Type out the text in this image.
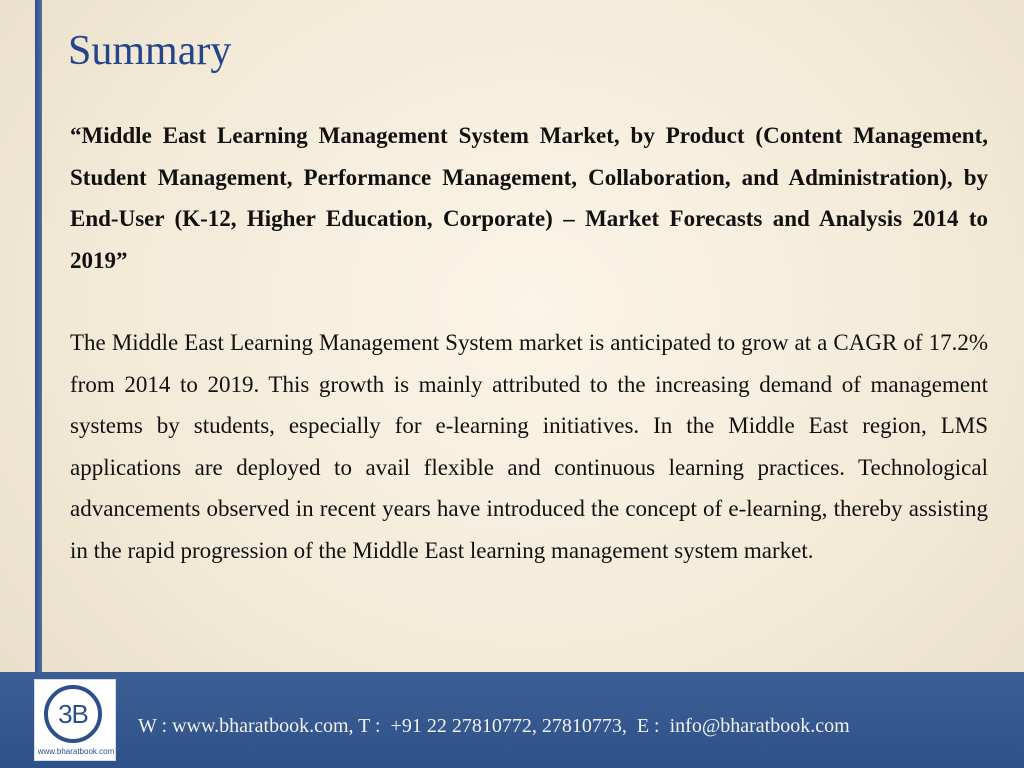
Summary

“Middle East Learning Management System Market, by Product (Content Management, Student Management, Performance Management, Collaboration, and Administration), by End-User (K-12, Higher Education, Corporate) – Market Forecasts and Analysis 2014 to 2019”

The Middle East Learning Management System market is anticipated to grow at a CAGR of 17.2% from 2014 to 2019. This growth is mainly attributed to the increasing demand of management systems by students, especially for e-learning initiatives. In the Middle East region, LMS applications are deployed to avail flexible and continuous learning practices. Technological advancements observed in recent years have introduced the concept of e-learning, thereby assisting in the rapid progression of the Middle East learning management system market.

3B
www.bharatbook.com
W : www.bharatbook.com, T :  +91 22 27810772, 27810773,  E :  info@bharatbook.com
